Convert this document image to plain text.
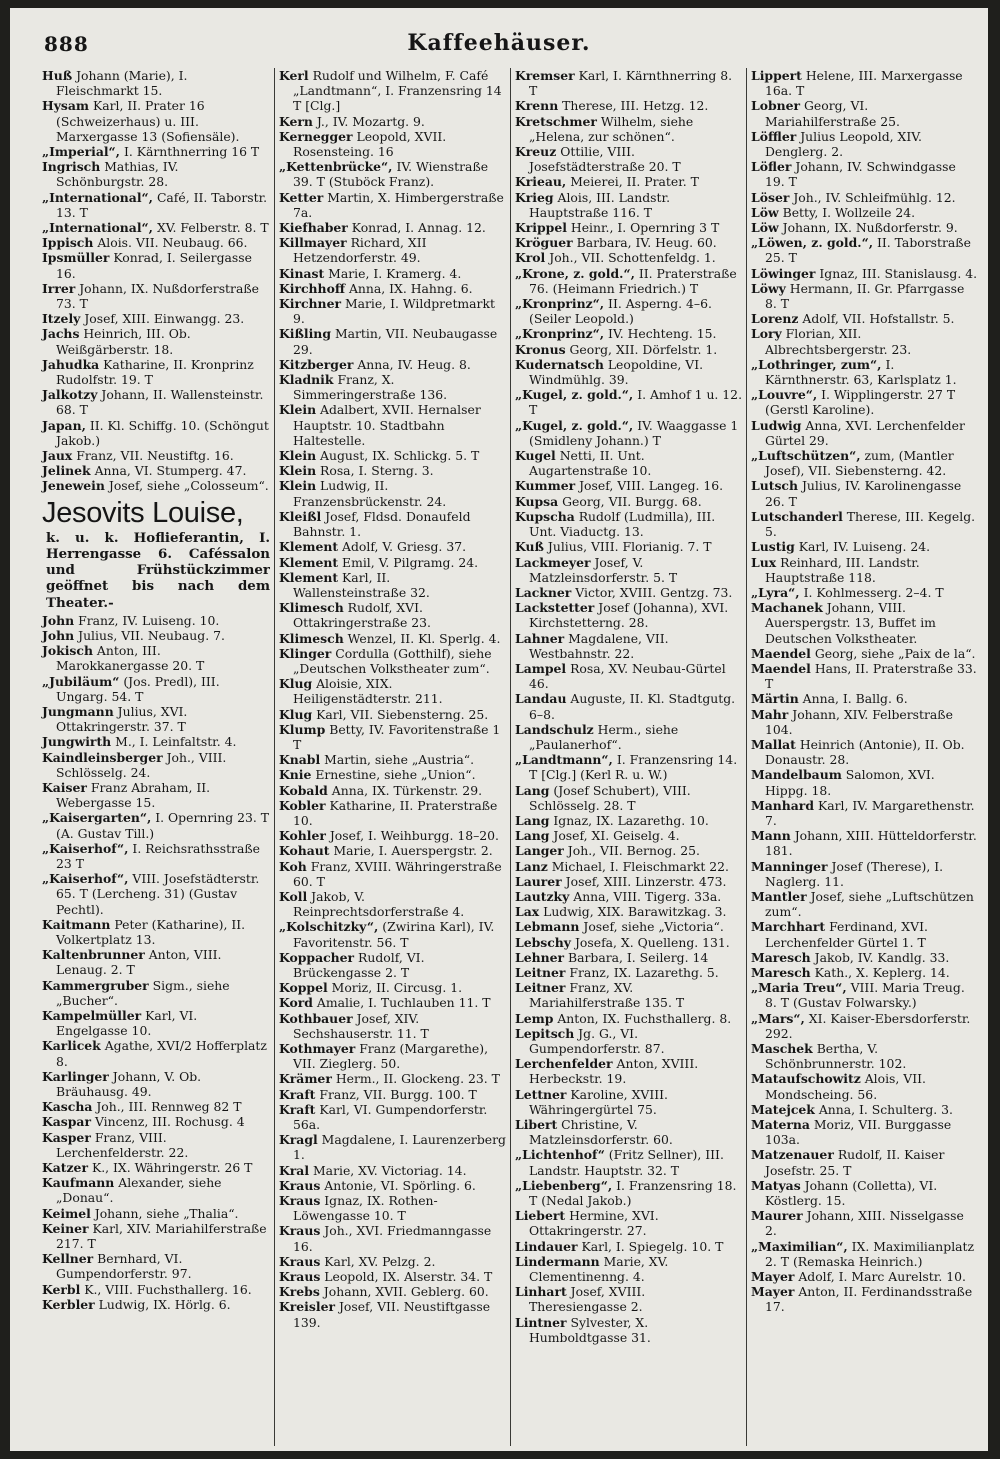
888	Kaffeehäuser.

Huß Johann (Marie), I. Fleischmarkt 15.

Hysam Karl, II. Prater 16 (Schweizerhaus) u. III. Marxergasse 13 (Sofiensäle).

„Imperial“, I. Kärnthnerring 16 T

Ingrisch Mathias, IV. Schönburgstr. 28.

„International“, Café, II. Taborstr. 13. T

„International“, XV. Felberstr. 8. T

Ippisch Alois. VII. Neubaug. 66.

Ipsmüller Konrad, I. Seilergasse 16.

Irrer Johann, IX. Nußdorferstraße 73. T

Itzely Josef, XIII. Einwangg. 23.

Jachs Heinrich, III. Ob. Weißgärberstr. 18.

Jahudka Katharine, II. Kronprinz Rudolfstr. 19. T

Jalkotzy Johann, II. Wallensteinstr. 68. T

Japan, II. Kl. Schiffg. 10. (Schöngut Jakob.)

Jaux Franz, VII. Neustiftg. 16.

Jelinek Anna, VI. Stumperg. 47.

Jenewein Josef, siehe „Colosseum“.

Jesovits Louise,
k. u. k. Hoflieferantin, I. Herrengasse 6. Caféssalon und Frühstückzimmer geöffnet bis nach dem Theater.-

John Franz, IV. Luiseng. 10.

John Julius, VII. Neubaug. 7.

Jokisch Anton, III. Marokkanergasse 20. T

„Jubiläum“ (Jos. Predl), III. Ungarg. 54. T

Jungmann Julius, XVI. Ottakringerstr. 37. T

Jungwirth M., I. Leinfaltstr. 4.

Kaindleinsberger Joh., VIII. Schlösselg. 24.

Kaiser Franz Abraham, II. Webergasse 15.

„Kaisergarten“, I. Opernring 23. T (A. Gustav Till.)

„Kaiserhof“, I. Reichsrathsstraße 23 T

„Kaiserhof“, VIII. Josefstädterstr. 65. T (Lercheng. 31) (Gustav Pechtl).

Kaitmann Peter (Katharine), II. Volkertplatz 13.

Kaltenbrunner Anton, VIII. Lenaug. 2. T

Kammergruber Sigm., siehe „Bucher“.

Kampelmüller Karl, VI. Engelgasse 10.

Karlicek Agathe, XVI/2 Hofferplatz 8.

Karlinger Johann, V. Ob. Bräuhausg. 49.

Kascha Joh., III. Rennweg 82 T

Kaspar Vincenz, III. Rochusg. 4

Kasper Franz, VIII. Lerchenfelderstr. 22.

Katzer K., IX. Währingerstr. 26 T

Kaufmann Alexander, siehe „Donau“.

Keimel Johann, siehe „Thalia“.

Keiner Karl, XIV. Mariahilferstraße 217. T

Kellner Bernhard, VI. Gumpendorferstr. 97.

Kerbl K., VIII. Fuchsthallerg. 16.

Kerbler Ludwig, IX. Hörlg. 6.

Kerl Rudolf und Wilhelm, F. Café „Landtmann“, I. Franzensring 14 T [Clg.]

Kern J., IV. Mozartg. 9.

Kernegger Leopold, XVII. Rosensteing. 16

„Kettenbrücke“, IV. Wienstraße 39. T (Stuböck Franz).

Ketter Martin, X. Himbergerstraße 7a.

Kiefhaber Konrad, I. Annag. 12.

Killmayer Richard, XII Hetzendorferstr. 49.

Kinast Marie, I. Kramerg. 4.

Kirchhoff Anna, IX. Hahng. 6.

Kirchner Marie, I. Wildpretmarkt 9.

Kißling Martin, VII. Neubaugasse 29.

Kitzberger Anna, IV. Heug. 8.

Kladnik Franz, X. Simmeringerstraße 136.

Klein Adalbert, XVII. Hernalser Hauptstr. 10. Stadtbahn Haltestelle.

Klein August, IX. Schlickg. 5. T

Klein Rosa, I. Sterng. 3.

Klein Ludwig, II. Franzensbrückenstr. 24.

Kleißl Josef, Fldsd. Donaufeld Bahnstr. 1.

Klement Adolf, V. Griesg. 37.

Klement Emil, V. Pilgramg. 24.

Klement Karl, II. Wallensteinstraße 32.

Klimesch Rudolf, XVI. Ottakringerstraße 23.

Klimesch Wenzel, II. Kl. Sperlg. 4.

Klinger Cordulla (Gotthilf), siehe „Deutschen Volkstheater zum“.

Klug Aloisie, XIX. Heiligenstädterstr. 211.

Klug Karl, VII. Siebensterng. 25.

Klump Betty, IV. Favoritenstraße 1 T

Knabl Martin, siehe „Austria“.

Knie Ernestine, siehe „Union“.

Kobald Anna, IX. Türkenstr. 29.

Kobler Katharine, II. Praterstraße 10.

Kohler Josef, I. Weihburgg. 18–20.

Kohaut Marie, I. Auerspergstr. 2.

Koh Franz, XVIII. Währingerstraße 60. T

Koll Jakob, V. Reinprechtsdorferstraße 4.

„Kolschitzky“, (Zwirina Karl), IV. Favoritenstr. 56. T

Koppacher Rudolf, VI. Brückengasse 2. T

Koppel Moriz, II. Circusg. 1.

Kord Amalie, I. Tuchlauben 11. T

Kothbauer Josef, XIV. Sechshauserstr. 11. T

Kothmayer Franz (Margarethe), VII. Zieglerg. 50.

Krämer Herm., II. Glockeng. 23. T

Kraft Franz, VII. Burgg. 100. T

Kraft Karl, VI. Gumpendorferstr. 56a.

Kragl Magdalene, I. Laurenzerberg 1.

Kral Marie, XV. Victoriag. 14.

Kraus Antonie, VI. Spörling. 6.

Kraus Ignaz, IX. Rothen-Löwengasse 10. T

Kraus Joh., XVI. Friedmanngasse 16.

Kraus Karl, XV. Pelzg. 2.

Kraus Leopold, IX. Alserstr. 34. T

Krebs Johann, XVII. Geblerg. 60.

Kreisler Josef, VII. Neustiftgasse 139.

Kremser Karl, I. Kärnthnerring 8. T

Krenn Therese, III. Hetzg. 12.

Kretschmer Wilhelm, siehe „Helena, zur schönen“.

Kreuz Ottilie, VIII. Josefstädterstraße 20. T

Krieau, Meierei, II. Prater. T

Krieg Alois, III. Landstr. Hauptstraße 116. T

Krippel Heinr., I. Opernring 3 T

Kröguer Barbara, IV. Heug. 60.

Krol Joh., VII. Schottenfeldg. 1.

„Krone, z. gold.“, II. Praterstraße 76. (Heimann Friedrich.) T

„Kronprinz“, II. Asperng. 4–6. (Seiler Leopold.)

„Kronprinz“, IV. Hechteng. 15.

Kronus Georg, XII. Dörfelstr. 1.

Kudernatsch Leopoldine, VI. Windmühlg. 39.

„Kugel, z. gold.“, I. Amhof 1 u. 12. T

„Kugel, z. gold.“, IV. Waaggasse 1 (Smidleny Johann.) T

Kugel Netti, II. Unt. Augartenstraße 10.

Kummer Josef, VIII. Langeg. 16.

Kupsa Georg, VII. Burgg. 68.

Kupscha Rudolf (Ludmilla), III. Unt. Viaductg. 13.

Kuß Julius, VIII. Florianig. 7. T

Lackmeyer Josef, V. Matzleinsdorferstr. 5. T

Lackner Victor, XVIII. Gentzg. 73.

Lackstetter Josef (Johanna), XVI. Kirchstetterng. 28.

Lahner Magdalene, VII. Westbahnstr. 22.

Lampel Rosa, XV. Neubau-Gürtel 46.

Landau Auguste, II. Kl. Stadtgutg. 6–8.

Landschulz Herm., siehe „Paulanerhof“.

„Landtmann“, I. Franzensring 14. T [Clg.] (Kerl R. u. W.)

Lang (Josef Schubert), VIII. Schlösselg. 28. T

Lang Ignaz, IX. Lazarethg. 10.

Lang Josef, XI. Geiselg. 4.

Langer Joh., VII. Bernog. 25.

Lanz Michael, I. Fleischmarkt 22.

Laurer Josef, XIII. Linzerstr. 473.

Lautzky Anna, VIII. Tigerg. 33a.

Lax Ludwig, XIX. Barawitzkag. 3.

Lebmann Josef, siehe „Victoria“.

Lebschy Josefa, X. Quelleng. 131.

Lehner Barbara, I. Seilerg. 14

Leitner Franz, IX. Lazarethg. 5.

Leitner Franz, XV. Mariahilferstraße 135. T

Lemp Anton, IX. Fuchsthallerg. 8.

Lepitsch Jg. G., VI. Gumpendorferstr. 87.

Lerchenfelder Anton, XVIII. Herbeckstr. 19.

Lettner Karoline, XVIII. Währingergürtel 75.

Libert Christine, V. Matzleinsdorferstr. 60.

„Lichtenhof“ (Fritz Sellner), III. Landstr. Hauptstr. 32. T

„Liebenberg“, I. Franzensring 18. T (Nedal Jakob.)

Liebert Hermine, XVI. Ottakringerstr. 27.

Lindauer Karl, I. Spiegelg. 10. T

Lindermann Marie, XV. Clementinenng. 4.

Linhart Josef, XVIII. Theresiengasse 2.

Lintner Sylvester, X. Humboldtgasse 31.

Lippert Helene, III. Marxergasse 16a. T

Lobner Georg, VI. Mariahilferstraße 25.

Löffler Julius Leopold, XIV. Denglerg. 2.

Löfler Johann, IV. Schwindgasse 19. T

Löser Joh., IV. Schleifmühlg. 12.

Löw Betty, I. Wollzeile 24.

Löw Johann, IX. Nußdorferstr. 9.

„Löwen, z. gold.“, II. Taborstraße 25. T

Löwinger Ignaz, III. Stanislausg. 4.

Löwy Hermann, II. Gr. Pfarrgasse 8. T

Lorenz Adolf, VII. Hofstallstr. 5.

Lory Florian, XII. Albrechtsbergerstr. 23.

„Lothringer, zum“, I. Kärnthnerstr. 63, Karlsplatz 1.

„Louvre“, I. Wipplingerstr. 27 T (Gerstl Karoline).

Ludwig Anna, XVI. Lerchenfelder Gürtel 29.

„Luftschützen“, zum, (Mantler Josef), VII. Siebensterng. 42.

Lutsch Julius, IV. Karolinengasse 26. T

Lutschanderl Therese, III. Kegelg. 5.

Lustig Karl, IV. Luiseng. 24.

Lux Reinhard, III. Landstr. Hauptstraße 118.

„Lyra“, I. Kohlmesserg. 2–4. T

Machanek Johann, VIII. Auerspergstr. 13, Buffet im Deutschen Volkstheater.

Maendel Georg, siehe „Paix de la“.

Maendel Hans, II. Praterstraße 33. T

Märtin Anna, I. Ballg. 6.

Mahr Johann, XIV. Felberstraße 104.

Mallat Heinrich (Antonie), II. Ob. Donaustr. 28.

Mandelbaum Salomon, XVI. Hippg. 18.

Manhard Karl, IV. Margarethenstr. 7.

Mann Johann, XIII. Hütteldorferstr. 181.

Manninger Josef (Therese), I. Naglerg. 11.

Mantler Josef, siehe „Luftschützen zum“.

Marchhart Ferdinand, XVI. Lerchenfelder Gürtel 1. T

Maresch Jakob, IV. Kandlg. 33.

Maresch Kath., X. Keplerg. 14.

„Maria Treu“, VIII. Maria Treug. 8. T (Gustav Folwarsky.)

„Mars“, XI. Kaiser-Ebersdorferstr. 292.

Maschek Bertha, V. Schönbrunnerstr. 102.

Mataufschowitz Alois, VII. Mondscheing. 56.

Matejcek Anna, I. Schulterg. 3.

Materna Moriz, VII. Burggasse 103a.

Matzenauer Rudolf, II. Kaiser Josefstr. 25. T

Matyas Johann (Colletta), VI. Köstlerg. 15.

Maurer Johann, XIII. Nisselgasse 2.

„Maximilian“, IX. Maximilianplatz 2. T (Remaska Heinrich.)

Mayer Adolf, I. Marc Aurelstr. 10.

Mayer Anton, II. Ferdinandsstraße 17.
